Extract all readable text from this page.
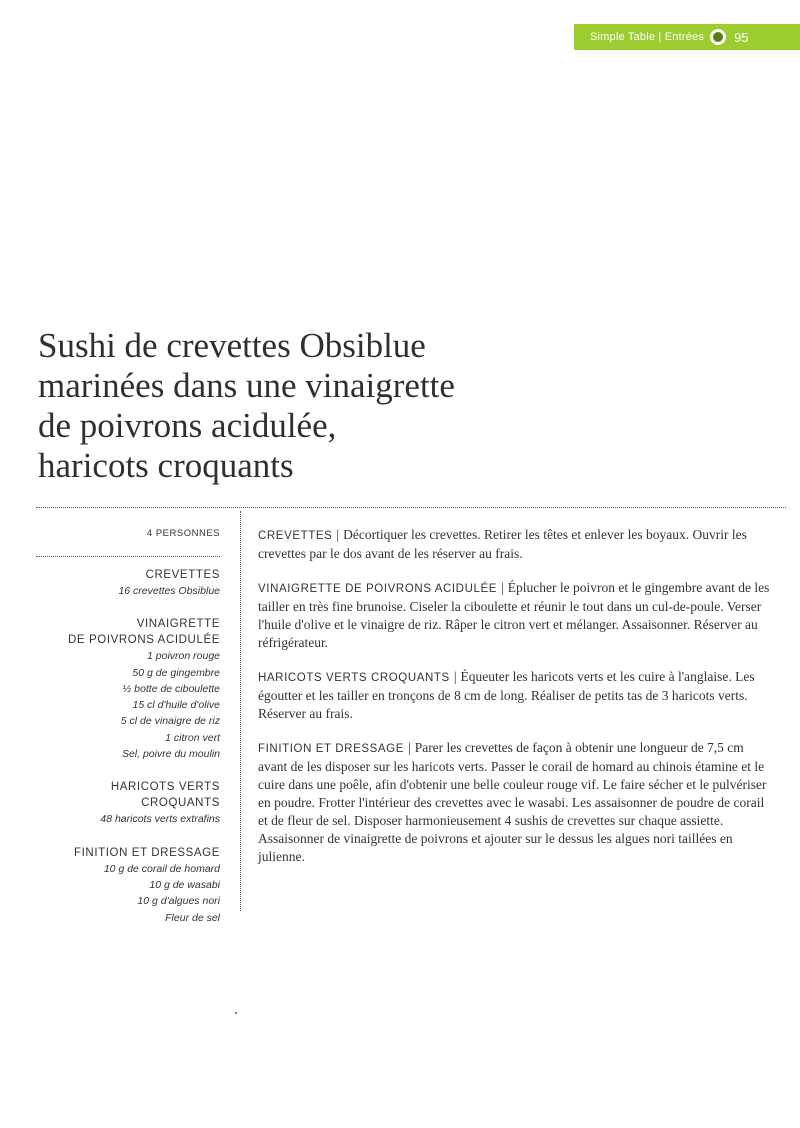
Simple Table | Entrées 95
Sushi de crevettes Obsiblue
marinées dans une vinaigrette
de poivrons acidulée,
haricots croquants
4 PERSONNES
CREVETTES
16 crevettes Obsiblue
VINAIGRETTE
DE POIVRONS ACIDULÉE
1 poivron rouge
50 g de gingembre
½ botte de ciboulette
15 cl d'huile d'olive
5 cl de vinaigre de riz
1 citron vert
Sel, poivre du moulin
HARICOTS VERTS CROQUANTS
48 haricots verts extrafins
FINITION ET DRESSAGE
10 g de corail de homard
10 g de wasabi
10 g d'algues nori
Fleur de sel

CREVETTES | Décortiquer les crevettes. Retirer les têtes et enlever les boyaux. Ouvrir les crevettes par le dos avant de les réserver au frais.

VINAIGRETTE DE POIVRONS ACIDULÉE | Éplucher le poivron et le gingembre avant de les tailler en très fine brunoise. Ciseler la ciboulette et réunir le tout dans un cul-de-poule. Verser l'huile d'olive et le vinaigre de riz. Râper le citron vert et mélanger. Assaisonner. Réserver au réfrigérateur.

HARICOTS VERTS CROQUANTS | Équeuter les haricots verts et les cuire à l'anglaise. Les égoutter et les tailler en tronçons de 8 cm de long. Réaliser de petits tas de 3 haricots verts. Réserver au frais.

FINITION ET DRESSAGE | Parer les crevettes de façon à obtenir une longueur de 7,5 cm avant de les disposer sur les haricots verts. Passer le corail de homard au chinois étamine et le cuire dans une poêle, afin d'obtenir une belle couleur rouge vif. Le faire sécher et le pulvériser en poudre. Frotter l'intérieur des crevettes avec le wasabi. Les assaisonner de poudre de corail et de fleur de sel. Disposer harmonieusement 4 sushis de crevettes sur chaque assiette. Assaisonner de vinaigrette de poivrons et ajouter sur le dessus les algues nori taillées en julienne.
